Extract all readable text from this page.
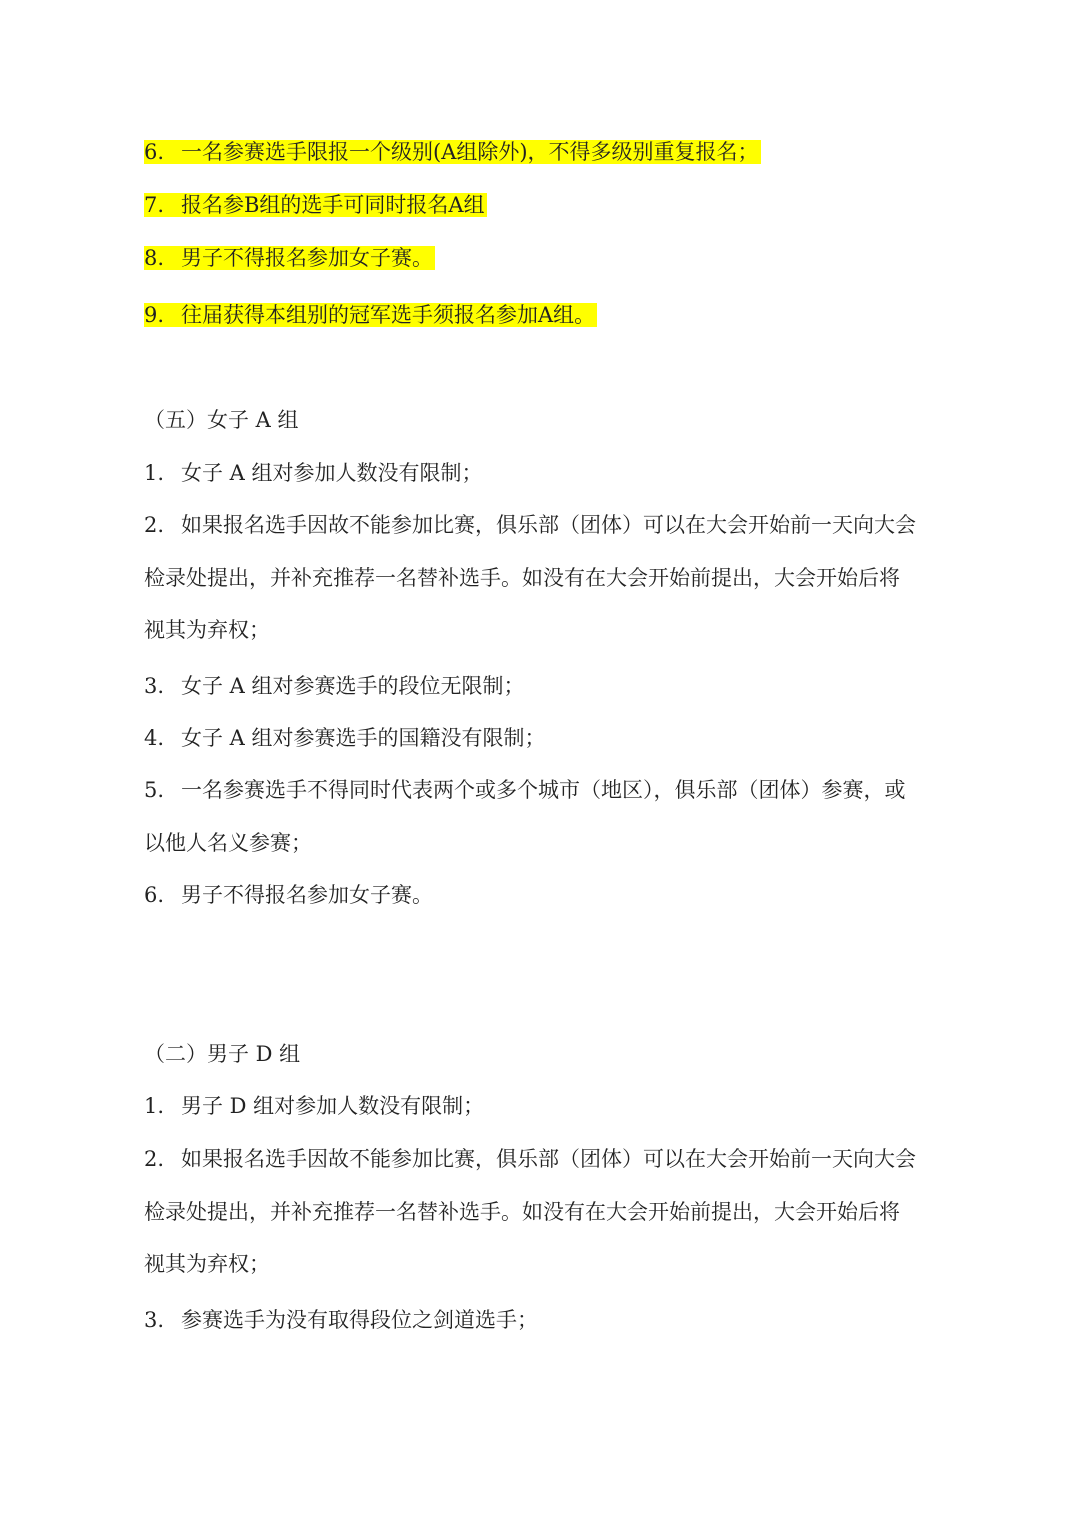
6. 一名参赛选手限报一个级别(A组除外)，不得多级别重复报名；
7. 报名参B组的选手可同时报名A组
8. 男子不得报名参加女子赛。
9. 往届获得本组别的冠军选手须报名参加A组。
（五）女子 A 组
1. 女子 A 组对参加人数没有限制；
2. 如果报名选手因故不能参加比赛，俱乐部（团体）可以在大会开始前一天向大会
检录处提出，并补充推荐一名替补选手。如没有在大会开始前提出，大会开始后将
视其为弃权；
3. 女子 A 组对参赛选手的段位无限制；
4. 女子 A 组对参赛选手的国籍没有限制；
5. 一名参赛选手不得同时代表两个或多个城市（地区），俱乐部（团体）参赛，或
以他人名义参赛；
6. 男子不得报名参加女子赛。
（二）男子 D 组
1. 男子 D 组对参加人数没有限制；
2. 如果报名选手因故不能参加比赛，俱乐部（团体）可以在大会开始前一天向大会
检录处提出，并补充推荐一名替补选手。如没有在大会开始前提出，大会开始后将
视其为弃权；
3. 参赛选手为没有取得段位之剑道选手；
